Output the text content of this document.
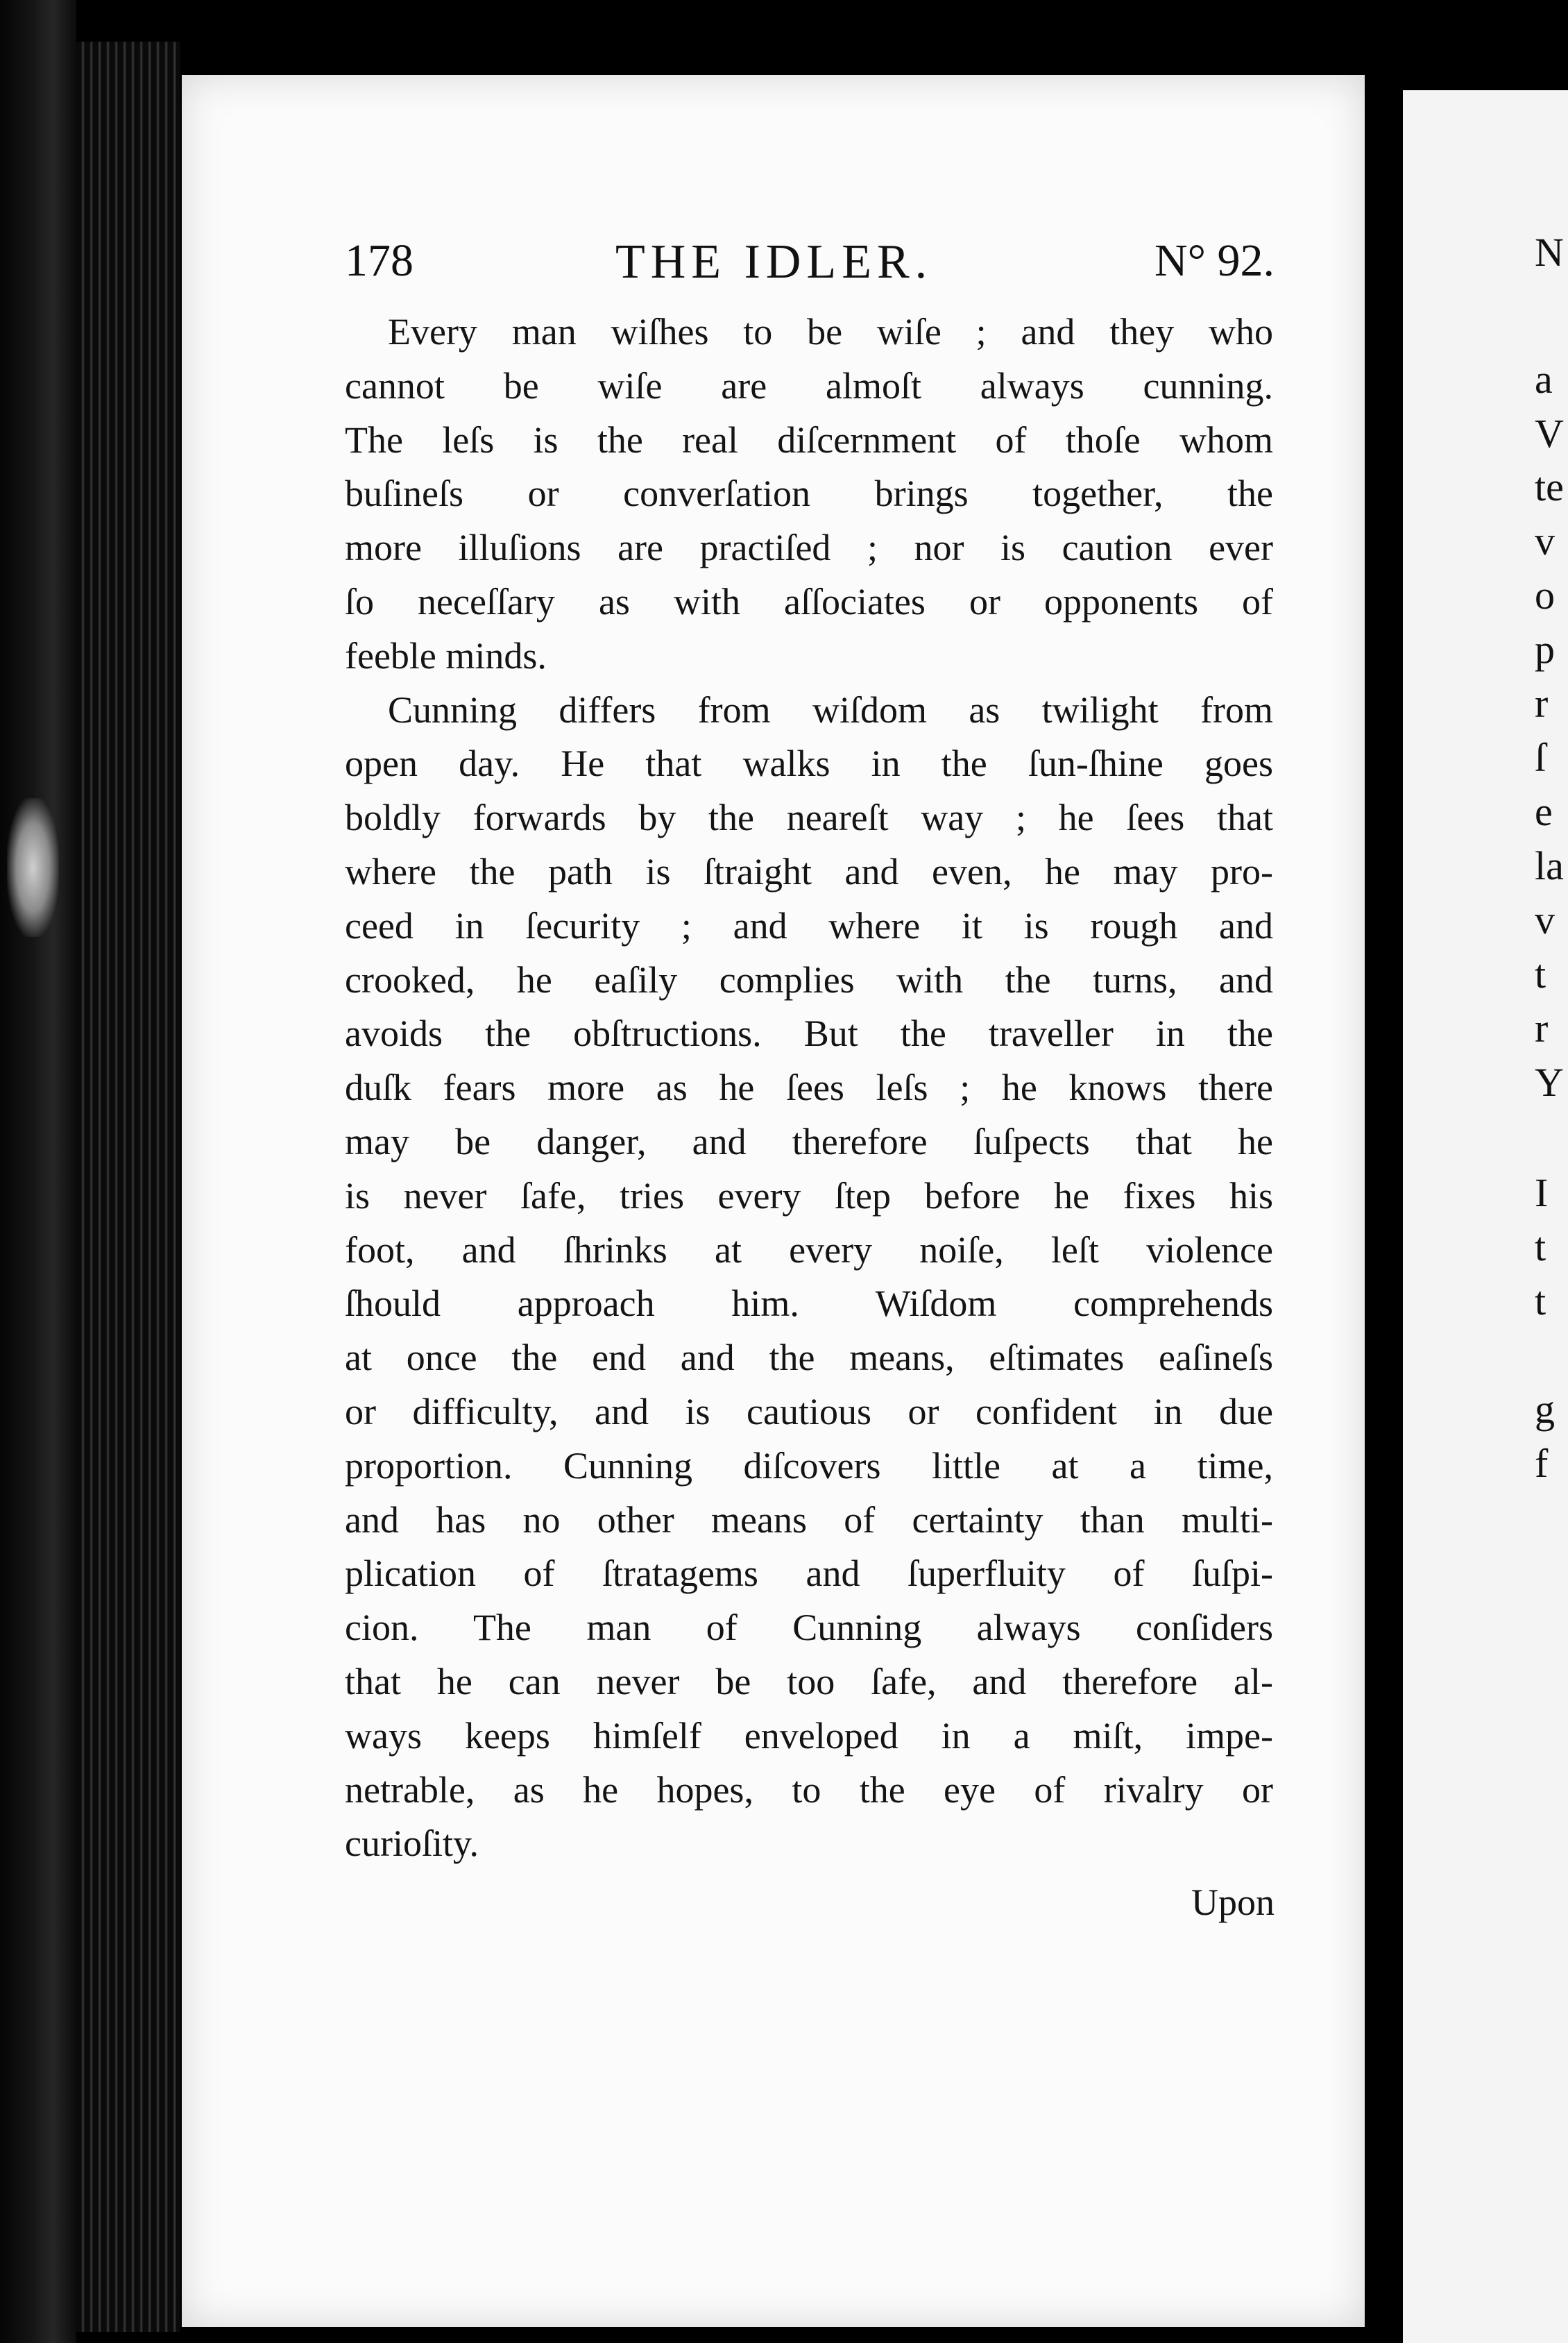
178	THE IDLER.	N° 92.
Every man wiſhes to be wiſe ; and they who
cannot be wiſe are almoſt always cunning.
The leſs is the real diſcernment of thoſe whom
buſineſs or converſation brings together, the
more illuſions are practiſed ; nor is caution ever
ſo neceſſary as with aſſociates or opponents of
feeble minds.
Cunning differs from wiſdom as twilight from
open day. He that walks in the ſun-ſhine goes
boldly forwards by the neareſt way ; he ſees that
where the path is ſtraight and even, he may pro-
ceed in ſecurity ; and where it is rough and
crooked, he eaſily complies with the turns, and
avoids the obſtructions. But the traveller in the
duſk fears more as he ſees leſs ; he knows there
may be danger, and therefore ſuſpects that he
is never ſafe, tries every ſtep before he fixes his
foot, and ſhrinks at every noiſe, leſt violence
ſhould approach him. Wiſdom comprehends
at once the end and the means, eſtimates eaſineſs
or difficulty, and is cautious or confident in due
proportion. Cunning diſcovers little at a time,
and has no other means of certainty than multi-
plication of ſtratagems and ſuperfluity of ſuſpi-
cion. The man of Cunning always conſiders
that he can never be too ſafe, and therefore al-
ways keeps himſelf enveloped in a miſt, impe-
netrable, as he hopes, to the eye of rivalry or
curioſity.
Upon
N
a
V
te
v
o
p
r
ſ
e
la
v
t
r
Y
I
t
t
g
f
